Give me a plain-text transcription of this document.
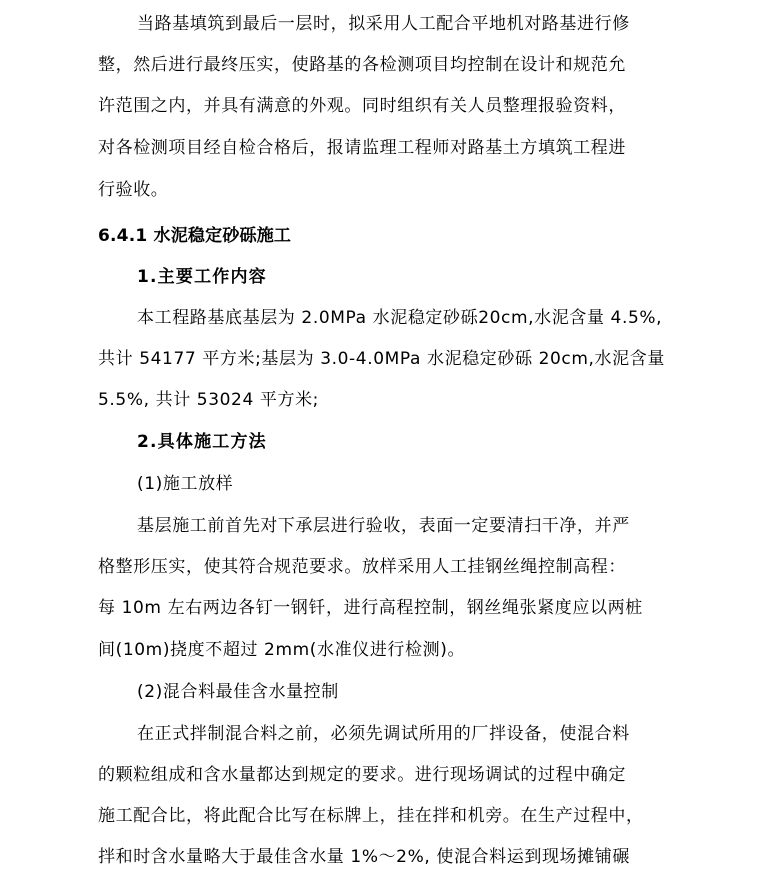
当路基填筑到最后一层时，拟采用人工配合平地机对路基进行修
整，然后进行最终压实，使路基的各检测项目均控制在设计和规范允
许范围之内，并具有满意的外观。同时组织有关人员整理报验资料，
对各检测项目经自检合格后，报请监理工程师对路基土方填筑工程进
行验收。
6.4.1 水泥稳定砂砾施工
1.主要工作内容
本工程路基底基层为 2.0MPa 水泥稳定砂砾20cm,水泥含量 4.5%,
共计 54177 平方米;基层为 3.0-4.0MPa 水泥稳定砂砾 20cm,水泥含量
5.5%, 共计 53024 平方米;
2.具体施工方法
(1)施工放样
基层施工前首先对下承层进行验收，表面一定要清扫干净，并严
格整形压实，使其符合规范要求。放样采用人工挂钢丝绳控制高程：
每 10m 左右两边各钉一钢钎，进行高程控制，钢丝绳张紧度应以两桩
间(10m)挠度不超过 2mm(水准仪进行检测)。
(2)混合料最佳含水量控制
在正式拌制混合料之前，必须先调试所用的厂拌设备，使混合料
的颗粒组成和含水量都达到规定的要求。进行现场调试的过程中确定
施工配合比，将此配合比写在标牌上，挂在拌和机旁。在生产过程中，
拌和时含水量略大于最佳含水量 1%～2%, 使混合料运到现场摊铺碾
